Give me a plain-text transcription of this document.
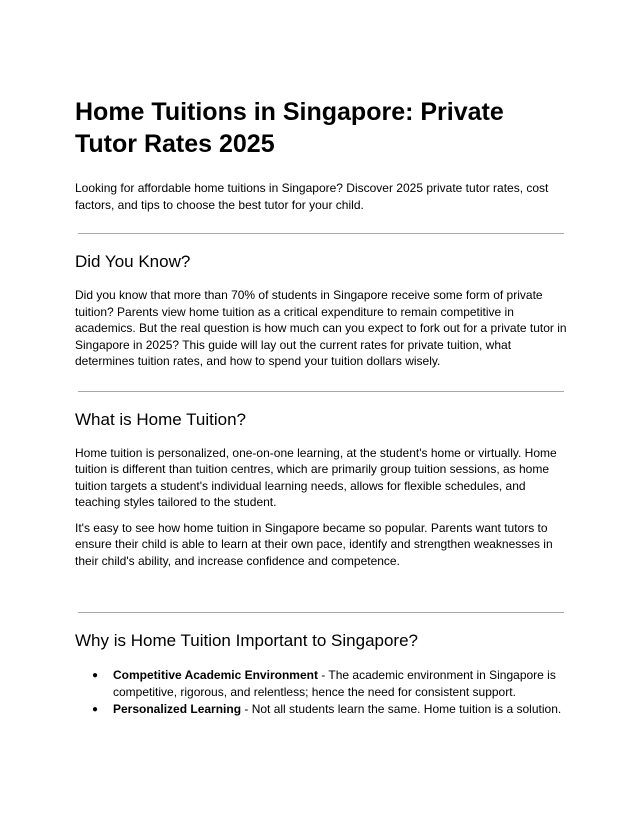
Home Tuitions in Singapore: Private Tutor Rates 2025

Looking for affordable home tuitions in Singapore? Discover 2025 private tutor rates, cost factors, and tips to choose the best tutor for your child.

Did You Know?

Did you know that more than 70% of students in Singapore receive some form of private tuition? Parents view home tuition as a critical expenditure to remain competitive in academics. But the real question is how much can you expect to fork out for a private tutor in Singapore in 2025? This guide will lay out the current rates for private tuition, what determines tuition rates, and how to spend your tuition dollars wisely.

What is Home Tuition?

Home tuition is personalized, one-on-one learning, at the student's home or virtually. Home tuition is different than tuition centres, which are primarily group tuition sessions, as home tuition targets a student's individual learning needs, allows for flexible schedules, and teaching styles tailored to the student.

It's easy to see how home tuition in Singapore became so popular. Parents want tutors to ensure their child is able to learn at their own pace, identify and strengthen weaknesses in their child's ability, and increase confidence and competence.

Why is Home Tuition Important to Singapore?
● Competitive Academic Environment - The academic environment in Singapore is competitive, rigorous, and relentless; hence the need for consistent support.
● Personalized Learning - Not all students learn the same. Home tuition is a solution.
